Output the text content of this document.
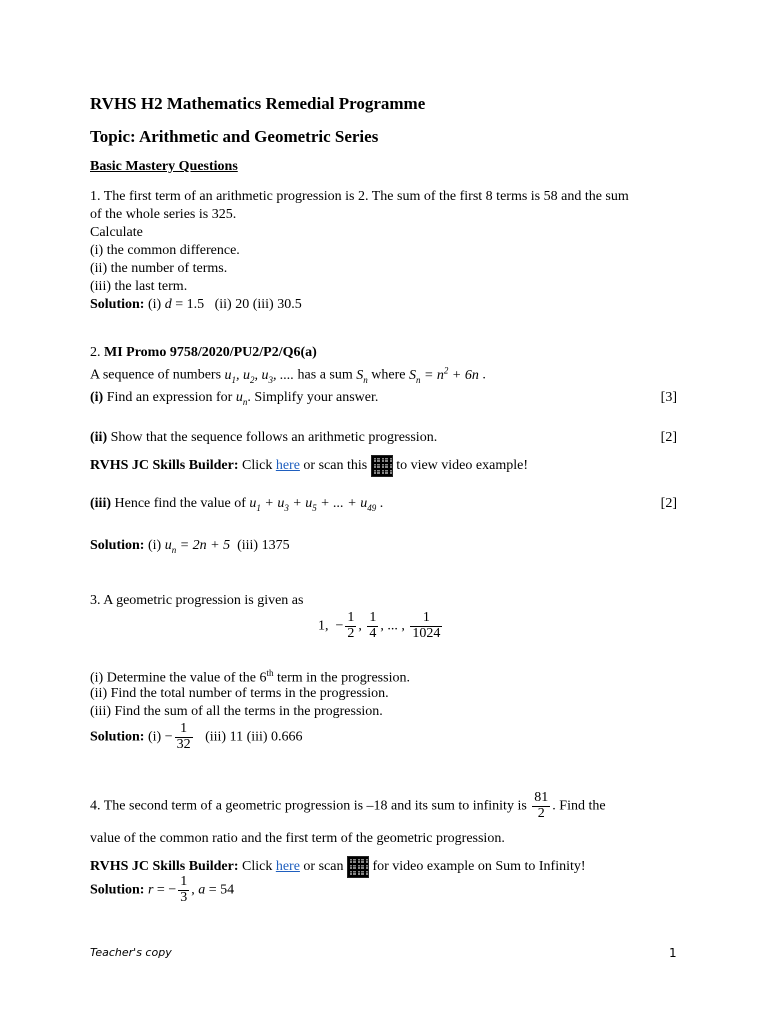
RVHS H2 Mathematics Remedial Programme
Topic: Arithmetic and Geometric Series
Basic Mastery Questions
1. The first term of an arithmetic progression is 2. The sum of the first 8 terms is 58 and the sum
of the whole series is 325.
Calculate
(i) the common difference.
(ii) the number of terms.
(iii) the last term.
Solution: (i) d = 1.5 (ii) 20 (iii) 30.5
2. MI Promo 9758/2020/PU2/P2/Q6(a)
A sequence of numbers $u_1$, $u_2$, $u_3$, .... has a sum $S_n$ where $S_n = n^2 + 6n$ .
(i) Find an expression for $u_n$. Simplify your answer.	[3]
(ii) Show that the sequence follows an arithmetic progression.	[2]
RVHS JC Skills Builder: Click here or scan this  to view video example!
(iii) Hence find the value of $u_1 + u_3 + u_5$ + ... + $u_{49}$ .	[2]
Solution: (i) $u_n = 2n + 5$ (iii) 1375
3. A geometric progression is given as
1,  − $\frac{1}{2}$ , $\frac{1}{4}$ , ... , $\frac{1}{1024}$
(i) Determine the value of the 6th term in the progression.
(ii) Find the total number of terms in the progression.
(iii) Find the sum of all the terms in the progression.
Solution: $(i) - \frac{1}{32} (iii)$ 11 (iii) 0.666
4. The second term of a geometric progression is –18 and its sum to infinity is $\frac{81}{2}$ . Find the
value of the common ratio and the first term of the geometric progression.
RVHS JC Skills Builder: Click here or scan  for video example on Sum to Infinity!
Solution: r = − $\frac{1}{3}$ , a = 54
Teacher's copy	1
